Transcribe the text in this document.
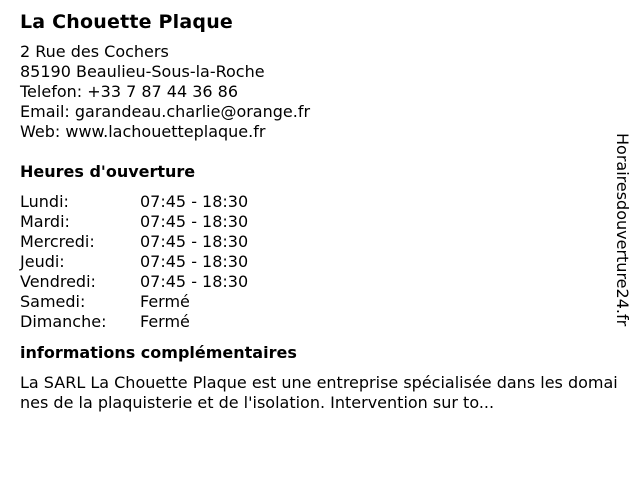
La Chouette Plaque
2 Rue des Cochers
85190 Beaulieu-Sous-la-Roche
Telefon: +33 7 87 44 36 86
Email: garandeau.charlie@orange.fr
Web: www.lachouetteplaque.fr
Heures d'ouverture
Lundi:	07:45 - 18:30
Mardi:	07:45 - 18:30
Mercredi:	07:45 - 18:30
Jeudi:	07:45 - 18:30
Vendredi:	07:45 - 18:30
Samedi:	Fermé
Dimanche:	Fermé
informations complémentaires
La SARL La Chouette Plaque est une entreprise spécialisée dans les domaines de la plaquisterie et de l'isolation. Intervention sur to...
Horairesdouverture24.fr
